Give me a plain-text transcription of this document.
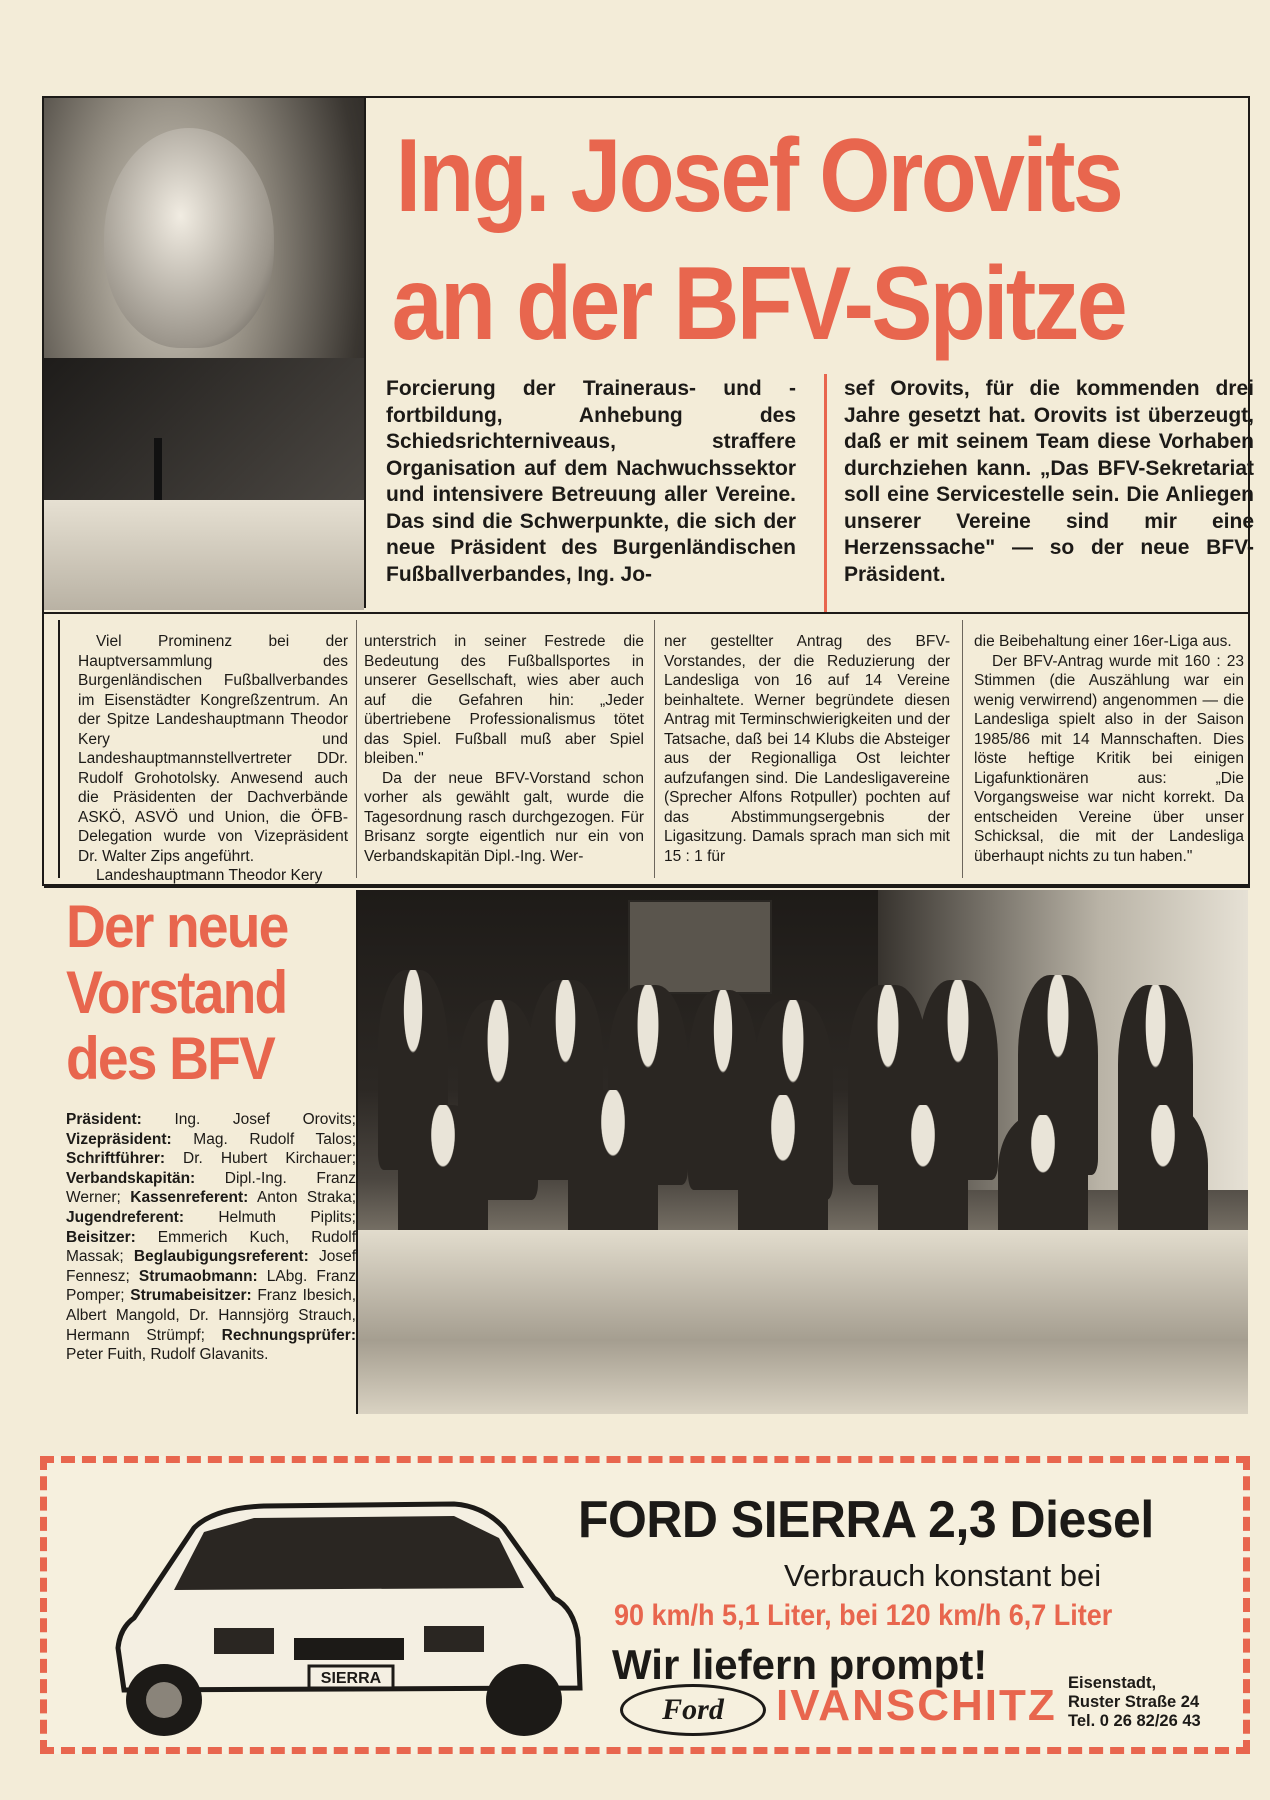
Ing. Josef Orovits
an der BFV-Spitze
Forcierung der Traineraus- und -fortbildung, Anhebung des Schiedsrichterniveaus, straffere Organisation auf dem Nachwuchssektor und intensivere Betreuung aller Vereine. Das sind die Schwerpunkte, die sich der neue Präsident des Burgenländischen Fußballverbandes, Ing. Jo-
sef Orovits, für die kommenden drei Jahre gesetzt hat. Orovits ist überzeugt, daß er mit seinem Team diese Vorhaben durchziehen kann. „Das BFV-Sekretariat soll eine Servicestelle sein. Die Anliegen unserer Vereine sind mir eine Herzenssache" — so der neue BFV-Präsident.

Viel Prominenz bei der Hauptversammlung des Burgenländischen Fußballverbandes im Eisenstädter Kongreßzentrum. An der Spitze Landeshauptmann Theodor Kery und Landeshauptmannstellvertreter DDr. Rudolf Grohotolsky. Anwesend auch die Präsidenten der Dachverbände ASKÖ, ASVÖ und Union, die ÖFB-Delegation wurde von Vizepräsident Dr. Walter Zips angeführt.

Landeshauptmann Theodor Kery

unterstrich in seiner Festrede die Bedeutung des Fußballsportes in unserer Gesellschaft, wies aber auch auf die Gefahren hin: „Jeder übertriebene Professionalismus tötet das Spiel. Fußball muß aber Spiel bleiben."

Da der neue BFV-Vorstand schon vorher als gewählt galt, wurde die Tagesordnung rasch durchgezogen. Für Brisanz sorgte eigentlich nur ein von Verbandskapitän Dipl.-Ing. Wer-

ner gestellter Antrag des BFV-Vorstandes, der die Reduzierung der Landesliga von 16 auf 14 Vereine beinhaltete. Werner begründete diesen Antrag mit Terminschwierigkeiten und der Tatsache, daß bei 14 Klubs die Absteiger aus der Regionalliga Ost leichter aufzufangen sind. Die Landesligavereine (Sprecher Alfons Rotpuller) pochten auf das Abstimmungsergebnis der Ligasitzung. Damals sprach man sich mit 15 : 1 für

die Beibehaltung einer 16er-Liga aus.

Der BFV-Antrag wurde mit 160 : 23 Stimmen (die Auszählung war ein wenig verwirrend) angenommen — die Landesliga spielt also in der Saison 1985/86 mit 14 Mannschaften. Dies löste heftige Kritik bei einigen Ligafunktionären aus: „Die Vorgangsweise war nicht korrekt. Da entscheiden Vereine über unser Schicksal, die mit der Landesliga überhaupt nichts zu tun haben."

Der neue
Vorstand
des BFV
Präsident: Ing. Josef Orovits; Vizepräsident: Mag. Rudolf Talos; Schriftführer: Dr. Hubert Kirchauer; Verbandskapitän: Dipl.-Ing. Franz Werner; Kassenreferent: Anton Straka; Jugendreferent: Helmuth Piplits; Beisitzer: Emmerich Kuch, Rudolf Massak; Beglaubigungsreferent: Josef Fennesz; Strumaobmann: LAbg. Franz Pomper; Strumabeisitzer: Franz Ibesich, Albert Mangold, Dr. Hannsjörg Strauch, Hermann Strümpf; Rechnungsprüfer: Peter Fuith, Rudolf Glavanits.
SIERRA
FORD SIERRA 2,3 Diesel
Verbrauch konstant bei
90 km/h 5,1 Liter, bei 120 km/h 6,7 Liter
Wir liefern prompt!
Ford	IVANSCHITZ Eisenstadt,
Ruster Straße 24
Tel. 0 26 82/26 43
